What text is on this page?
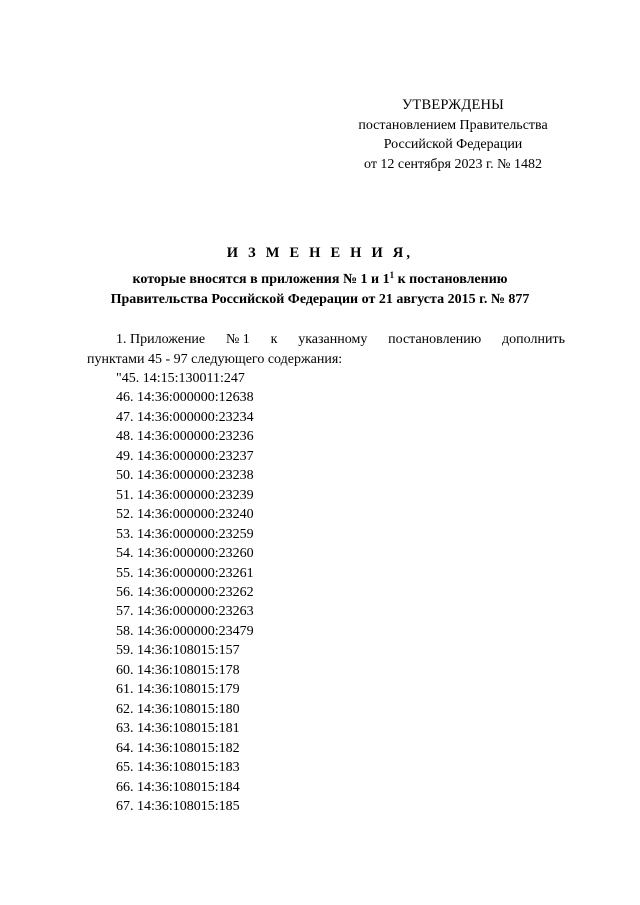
УТВЕРЖДЕНЫ
постановлением Правительства
Российской Федерации
от 12 сентября 2023 г. № 1482
И З М Е Н Е Н И Я,
которые вносятся в приложения № 1 и $1^1$ к постановлению
Правительства Российской Федерации от 21 августа 2015 г. № 877
1. Приложение № 1 к указанному постановлению дополнить
пунктами 45 - 97 следующего содержания:
"45. 14:15:130011:247
46. 14:36:000000:12638
47. 14:36:000000:23234
48. 14:36:000000:23236
49. 14:36:000000:23237
50. 14:36:000000:23238
51. 14:36:000000:23239
52. 14:36:000000:23240
53. 14:36:000000:23259
54. 14:36:000000:23260
55. 14:36:000000:23261
56. 14:36:000000:23262
57. 14:36:000000:23263
58. 14:36:000000:23479
59. 14:36:108015:157
60. 14:36:108015:178
61. 14:36:108015:179
62. 14:36:108015:180
63. 14:36:108015:181
64. 14:36:108015:182
65. 14:36:108015:183
66. 14:36:108015:184
67. 14:36:108015:185
